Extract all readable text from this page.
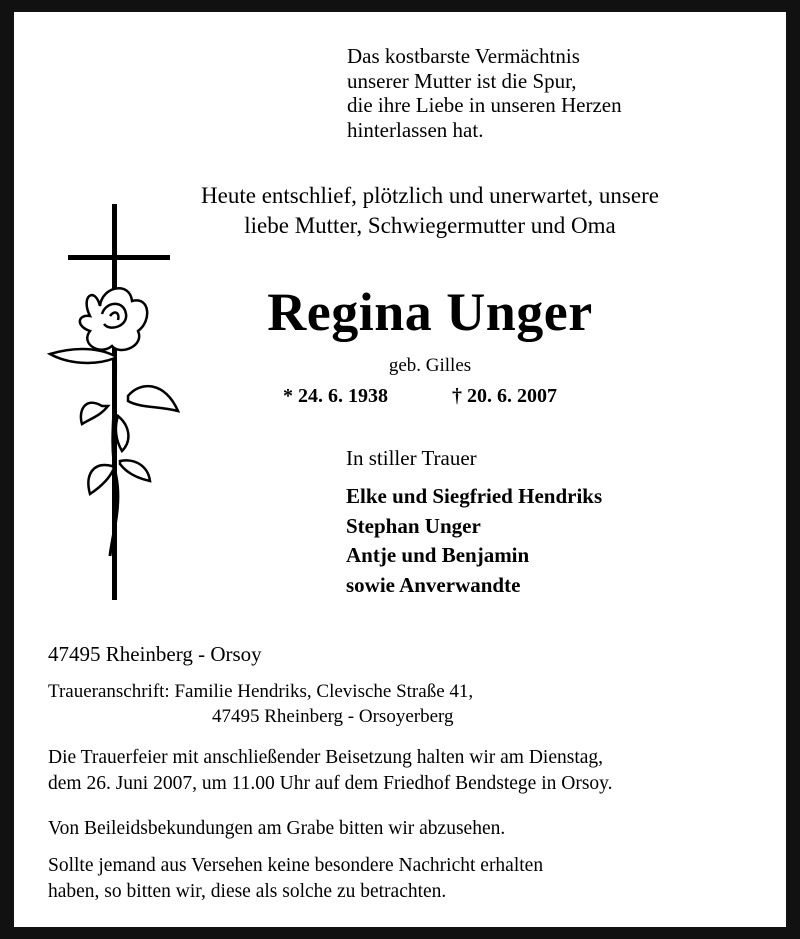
Das kostbarste Vermächtnis
unserer Mutter ist die Spur,
die ihre Liebe in unseren Herzen
hinterlassen hat.
Heute entschlief, plötzlich und unerwartet, unsere
liebe Mutter, Schwiegermutter und Oma
Regina Unger
geb. Gilles
* 24. 6. 1938	† 20. 6. 2007
In stiller Trauer
Elke und Siegfried Hendriks
Stephan Unger
Antje und Benjamin
sowie Anverwandte
47495 Rheinberg - Orsoy
Traueranschrift: Familie Hendriks, Clevische Straße 41,
47495 Rheinberg - Orsoyerberg
Die Trauerfeier mit anschließender Beisetzung halten wir am Dienstag,
dem 26. Juni 2007, um 11.00 Uhr auf dem Friedhof Bendstege in Orsoy.
Von Beileidsbekundungen am Grabe bitten wir abzusehen.
Sollte jemand aus Versehen keine besondere Nachricht erhalten
haben, so bitten wir, diese als solche zu betrachten.
